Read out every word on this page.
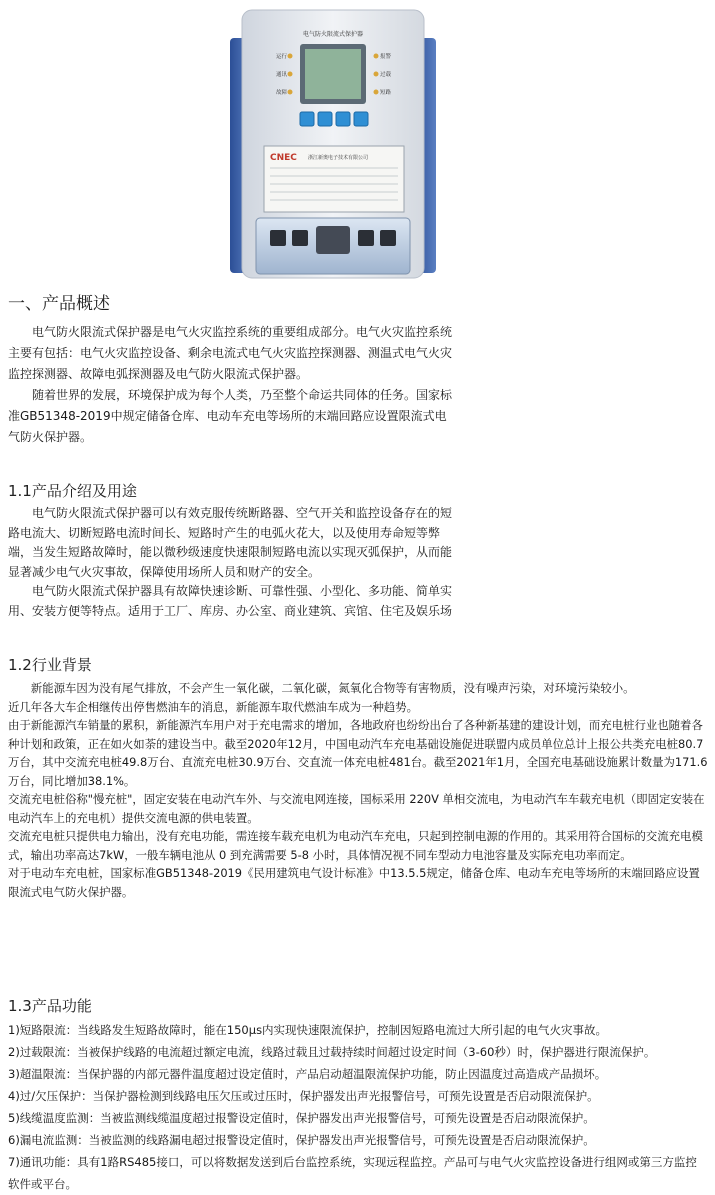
电气防火限流式保护器
运行
通讯
故障
报警
过载
短路
CNEC 浙江新奥电子技术有限公司
一、产品概述

电气防火限流式保护器是电气火灾监控系统的重要组成部分。电气火灾监控系统主要有包括：电气火灾监控设备、剩余电流式电气火灾监控探测器、测温式电气火灾监控探测器、故障电弧探测器及电气防火限流式保护器。

随着世界的发展，环境保护成为每个人类，乃至整个命运共同体的任务。国家标准GB51348-2019中规定储备仓库、电动车充电等场所的末端回路应设置限流式电气防火保护器。

1.1产品介绍及用途

电气防火限流式保护器可以有效克服传统断路器、空气开关和监控设备存在的短路电流大、切断短路电流时间长、短路时产生的电弧火花大，以及使用寿命短等弊端，当发生短路故障时，能以微秒级速度快速限制短路电流以实现灭弧保护，从而能显著减少电气火灾事故，保障使用场所人员和财产的安全。

电气防火限流式保护器具有故障快速诊断、可靠性强、小型化、多功能、简单实用、安装方便等特点。适用于工厂、库房、办公室、商业建筑、宾馆、住宅及娱乐场

1.2行业背景

新能源车因为没有尾气排放，不会产生一氧化碳，二氧化碳，氮氧化合物等有害物质，没有噪声污染，对环境污染较小。

近几年各大车企相继传出停售燃油车的消息，新能源车取代燃油车成为一种趋势。

由于新能源汽车销量的累积，新能源汽车用户对于充电需求的增加，各地政府也纷纷出台了各种新基建的建设计划，而充电桩行业也随着各种计划和政策，正在如火如荼的建设当中。截至2020年12月，中国电动汽车充电基础设施促进联盟内成员单位总计上报公共类充电桩80.7万台，其中交流充电桩49.8万台、直流充电桩30.9万台、交直流一体充电桩481台。截至2021年1月，全国充电基础设施累计数量为171.6万台，同比增加38.1%。

交流充电桩俗称"慢充桩"，固定安装在电动汽车外、与交流电网连接，国标采用 220V 单相交流电，为电动汽车车载充电机（即固定安装在电动汽车上的充电机）提供交流电源的供电装置。

交流充电桩只提供电力输出，没有充电功能，需连接车载充电机为电动汽车充电，只起到控制电源的作用的。其采用符合国标的交流充电模式，输出功率高达7kW，一般车辆电池从 0 到充满需要 5-8 小时，具体情况视不同车型动力电池容量及实际充电功率而定。

对于电动车充电桩，国家标准GB51348-2019《民用建筑电气设计标准》中13.5.5规定，储备仓库、电动车充电等场所的末端回路应设置限流式电气防火保护器。

1.3产品功能

1)短路限流：当线路发生短路故障时，能在150μs内实现快速限流保护，控制因短路电流过大所引起的电气火灾事故。

2)过载限流：当被保护线路的电流超过额定电流，线路过载且过载持续时间超过设定时间（3-60秒）时，保护器进行限流保护。

3)超温限流：当保护器的内部元器件温度超过设定值时，产品启动超温限流保护功能，防止因温度过高造成产品损坏。

4)过/欠压保护：当保护器检测到线路电压欠压或过压时，保护器发出声光报警信号，可预先设置是否启动限流保护。

5)线缆温度监测：当被监测线缆温度超过报警设定值时，保护器发出声光报警信号，可预先设置是否启动限流保护。

6)漏电流监测：当被监测的线路漏电超过报警设定值时，保护器发出声光报警信号，可预先设置是否启动限流保护。

7)通讯功能：具有1路RS485接口，可以将数据发送到后台监控系统，实现远程监控。产品可与电气火灾监控设备进行组网或第三方监控软件或平台。
